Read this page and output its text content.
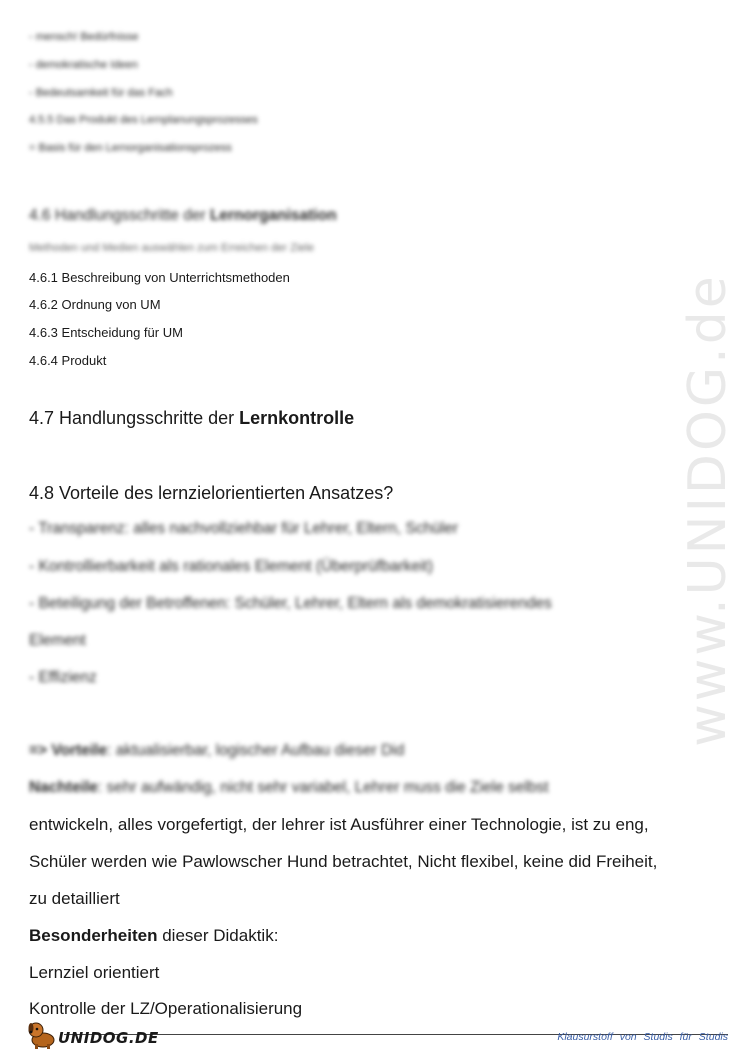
www.UNIDOG.de
- mensch! Bedürfnisse
- demokratische Ideen
- Bedeutsamkeit für das Fach
4.5.5 Das Produkt des Lernplanungsprozesses
= Basis für den Lernorganisationsprozess
4.6 Handlungsschritte der Lernorganisation
Methoden und Medien auswählen zum Erreichen der Ziele
4.6.1 Beschreibung von Unterrichtsmethoden
4.6.2 Ordnung von UM
4.6.3 Entscheidung für UM
4.6.4 Produkt
4.7 Handlungsschritte der Lernkontrolle
4.8 Vorteile des lernzielorientierten Ansatzes?
- Transparenz: alles nachvollziehbar für Lehrer, Eltern, Schüler
- Kontrollierbarkeit als rationales Element (Überprüfbarkeit)
- Beteiligung der Betroffenen: Schüler, Lehrer, Eltern als demokratisierendes
Element
- Effizienz
=> Vorteile: aktualisierbar, logischer Aufbau dieser Did
Nachteile: sehr aufwändig, nicht sehr variabel, Lehrer muss die Ziele selbst
entwickeln, alles vorgefertigt, der lehrer ist Ausführer einer Technologie, ist zu eng,
Schüler werden wie Pawlowscher Hund betrachtet, Nicht flexibel, keine did Freiheit,
zu detailliert
Besonderheiten dieser Didaktik:
Lernziel orientiert
Kontrolle der LZ/Operationalisierung
UNIDOG.DE	Klausurstoff von Studis für Studis
